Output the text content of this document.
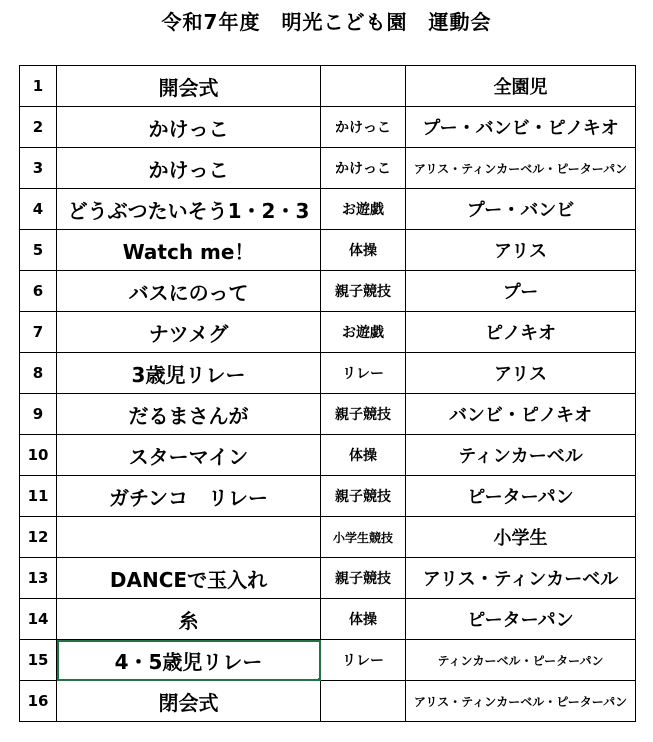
令和7年度　明光こども園　運動会
1	開会式		全園児
2	かけっこ	かけっこ	プー・バンビ・ピノキオ
3	かけっこ	かけっこ	アリス・ティンカーベル・ピーターパン
4	どうぶつたいそう1・2・3	お遊戯	プー・バンビ
5	Watch me！	体操	アリス
6	バスにのって	親子競技	プー
7	ナツメグ	お遊戯	ピノキオ
8	3歳児リレー	リレー	アリス
9	だるまさんが	親子競技	バンビ・ピノキオ
10	スターマイン	体操	ティンカーベル
11	ガチンコ　リレー	親子競技	ピーターパン
12		小学生競技	小学生
13	DANCEで玉入れ	親子競技	アリス・ティンカーベル
14	糸	体操	ピーターパン
15	4・5歳児リレー	リレー	ティンカーベル・ピーターパン
16	閉会式		アリス・ティンカーベル・ピーターパン
